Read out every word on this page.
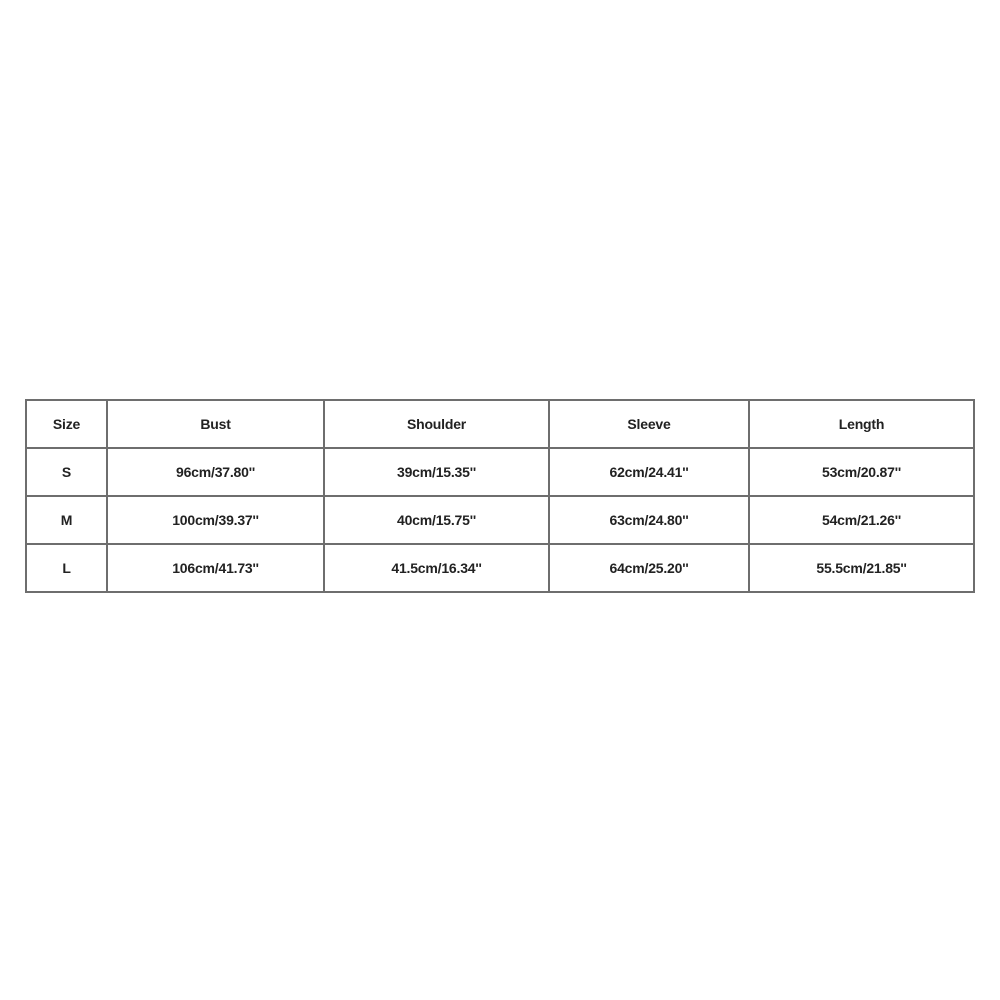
Size	Bust	Shoulder	Sleeve	Length
S	96cm/37.80''	39cm/15.35''	62cm/24.41''	53cm/20.87''
M	100cm/39.37''	40cm/15.75''	63cm/24.80''	54cm/21.26''
L	106cm/41.73''	41.5cm/16.34''	64cm/25.20''	55.5cm/21.85''
